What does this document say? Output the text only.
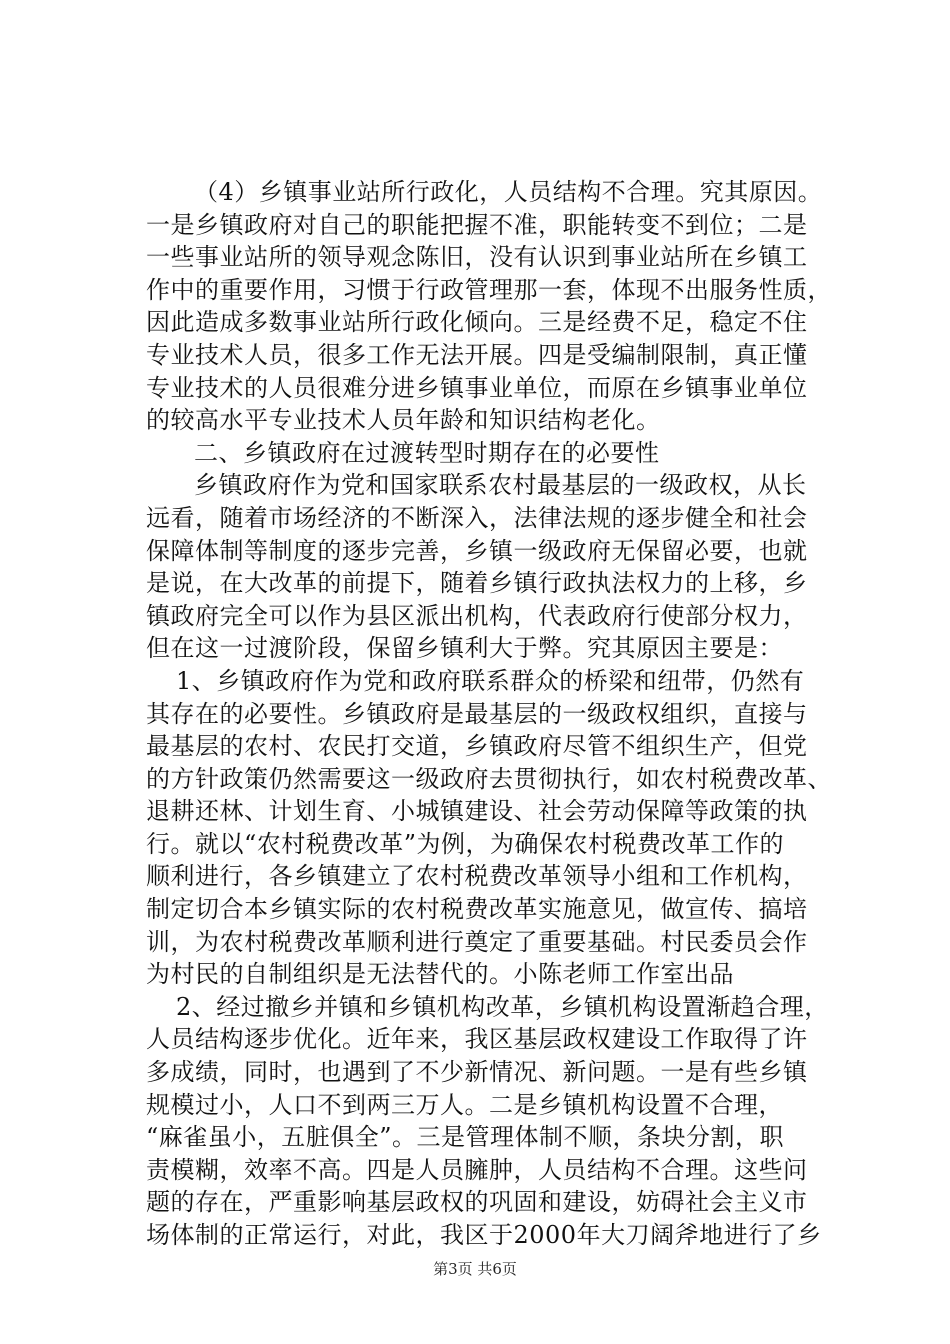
（4）乡镇事业站所行政化，人员结构不合理。究其原因。
一是乡镇政府对自己的职能把握不准，职能转变不到位；二是
一些事业站所的领导观念陈旧，没有认识到事业站所在乡镇工
作中的重要作用，习惯于行政管理那一套，体现不出服务性质，
因此造成多数事业站所行政化倾向。三是经费不足，稳定不住
专业技术人员，很多工作无法开展。四是受编制限制，真正懂
专业技术的人员很难分进乡镇事业单位，而原在乡镇事业单位
的较高水平专业技术人员年龄和知识结构老化。
二、乡镇政府在过渡转型时期存在的必要性
乡镇政府作为党和国家联系农村最基层的一级政权，从长
远看，随着市场经济的不断深入，法律法规的逐步健全和社会
保障体制等制度的逐步完善，乡镇一级政府无保留必要，也就
是说，在大改革的前提下，随着乡镇行政执法权力的上移，乡
镇政府完全可以作为县区派出机构，代表政府行使部分权力，
但在这一过渡阶段，保留乡镇利大于弊。究其原因主要是：
1、乡镇政府作为党和政府联系群众的桥梁和纽带，仍然有
其存在的必要性。乡镇政府是最基层的一级政权组织，直接与
最基层的农村、农民打交道，乡镇政府尽管不组织生产，但党
的方针政策仍然需要这一级政府去贯彻执行，如农村税费改革、
退耕还林、计划生育、小城镇建设、社会劳动保障等政策的执
行。就以“农村税费改革”为例，为确保农村税费改革工作的
顺利进行，各乡镇建立了农村税费改革领导小组和工作机构，
制定切合本乡镇实际的农村税费改革实施意见，做宣传、搞培
训，为农村税费改革顺利进行奠定了重要基础。村民委员会作
为村民的自制组织是无法替代的。小陈老师工作室出品
2、经过撤乡并镇和乡镇机构改革，乡镇机构设置渐趋合理，
人员结构逐步优化。近年来，我区基层政权建设工作取得了许
多成绩，同时，也遇到了不少新情况、新问题。一是有些乡镇
规模过小，人口不到两三万人。二是乡镇机构设置不合理，
“麻雀虽小，五脏俱全”。三是管理体制不顺，条块分割，职
责模糊，效率不高。四是人员臃肿，人员结构不合理。这些问
题的存在，严重影响基层政权的巩固和建设，妨碍社会主义市
场体制的正常运行，对此，我区于2000年大刀阔斧地进行了乡
第3页 共6页
